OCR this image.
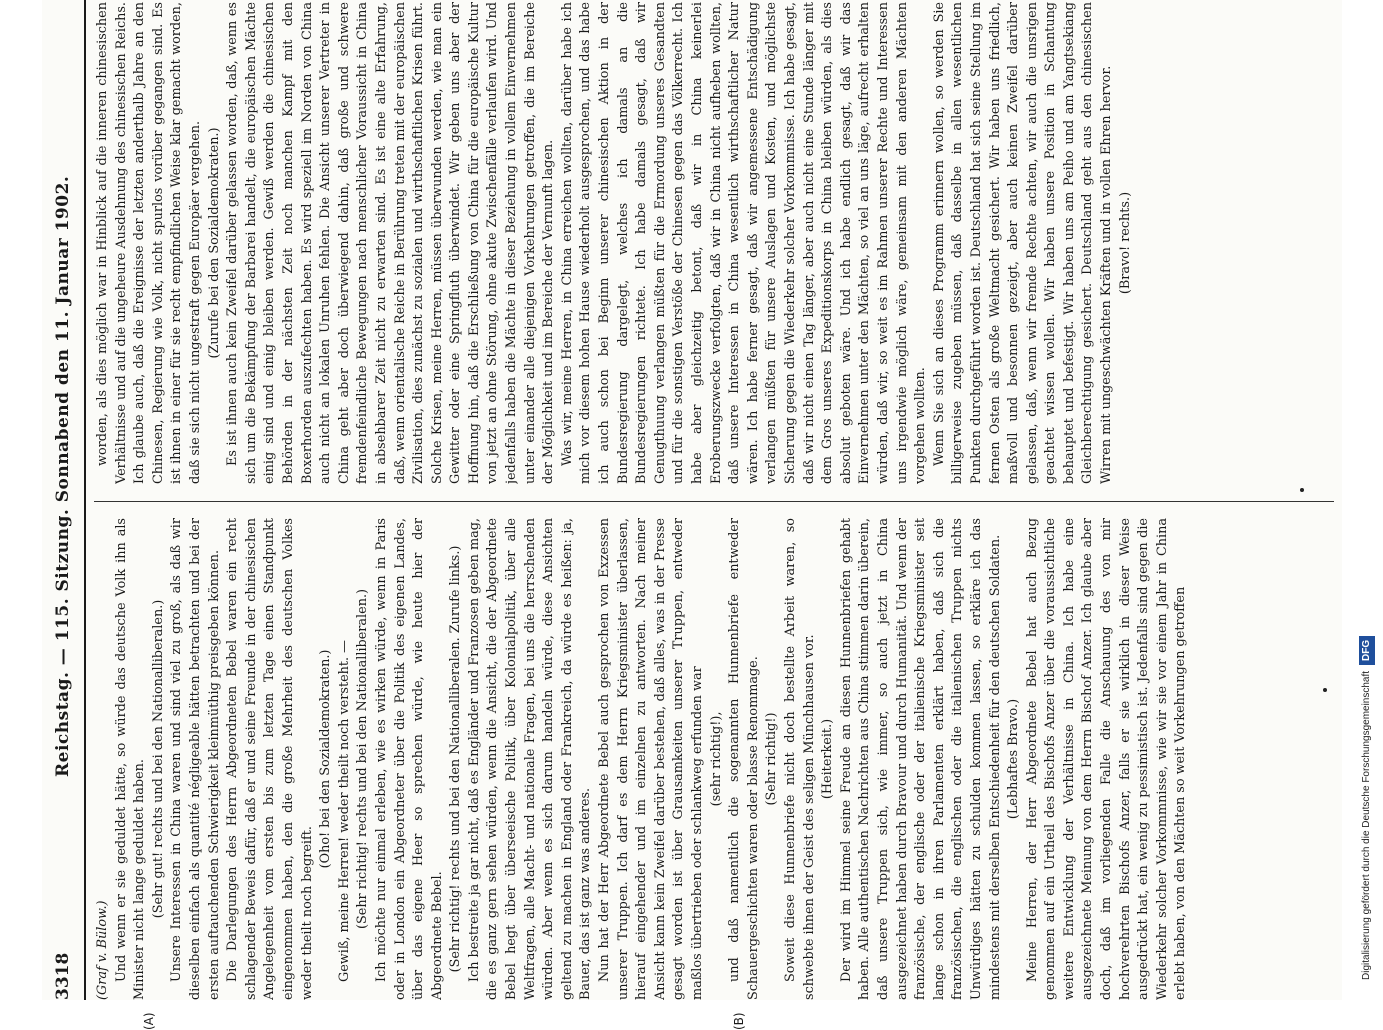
3318
Reichstag. — 115. Sitzung. Sonnabend den 11. Januar 1902.

(Graf v. Bülow.) Und wenn er sie geduldet hätte, so würde das deutsche Volk ihn als Minister nicht lange geduldet haben. (Sehr gut! rechts und bei den Nationalliberalen.) Unsere Interessen in China waren und sind viel zu groß, als daß wir dieselben einfach als quantité négligeable hätten betrachten und bei der ersten auftauchenden Schwierigkeit kleinmüthig preisgeben können. Die Darlegungen des Herrn Abgeordneten Bebel waren ein recht schlagender Beweis dafür, daß er und seine Freunde in der chinesischen Angelegenheit vom ersten bis zum letzten Tage einen Standpunkt eingenommen haben, den die große Mehrheit des deutschen Volkes weder theilt noch begreift.

(Oho! bei den Sozialdemokraten.) Gewiß, meine Herren! weder theilt noch versteht. — (Sehr richtig! rechts und bei den Nationalliberalen.) Ich möchte nur einmal erleben, wie es wirken würde, wenn in Paris oder in London ein Abgeordneter über die Politik des eigenen Landes, über das eigene Heer so sprechen würde, wie heute hier der Abgeordnete Bebel. (Sehr richtig! rechts und bei den Nationalliberalen. Zurufe links.) Ich bestreite ja gar nicht, daß es Engländer und Franzosen geben mag, die es ganz gern sehen würden, wenn die Ansicht, die der Abgeordnete Bebel hegt über überseeische Politik, über Kolonialpolitik, über alle Weltfragen, alle Macht- und nationale Fragen, bei uns die herrschenden würden. Aber wenn es sich darum handeln würde, diese Ansichten geltend zu machen in England oder Frankreich, da würde es heißen: ja, Bauer, das ist ganz was anderes. Nun hat der Herr Abgeordnete Bebel auch gesprochen von Exzessen unserer Truppen. Ich darf es dem Herrn Kriegsminister überlassen, hierauf eingehender und im einzelnen zu antworten. Nach meiner Ansicht kann kein Zweifel darüber bestehen, daß alles, was in der Presse gesagt worden ist über Grausamkeiten unserer Truppen, entweder maßlos übertrieben oder schlankweg erfunden war (sehr richtig!), und daß namentlich die sogenannten Hunnenbriefe entweder Schauergeschichten waren oder blasse Renommage. (Sehr richtig!) Soweit diese Hunnenbriefe nicht doch bestellte Arbeit waren, so schwebte ihnen der Geist des seligen Münchhausen vor. (Heiterkeit.) Der wird im Himmel seine Freude an diesen Hunnenbriefen gehabt haben. Alle authentischen Nachrichten aus China stimmen darin überein, daß unsere Truppen sich, wie immer, so auch jetzt in China ausgezeichnet haben durch Bravour und durch Humanität. Und wenn der französische, der englische oder der italienische Kriegsminister seit lange schon in ihren Parlamenten erklärt haben, daß sich die französischen, die englischen oder die italienischen Truppen nichts Unwürdiges hätten zu schulden kommen lassen, so erkläre ich das mindestens mit derselben Entschiedenheit für den deutschen Soldaten. (Lebhaftes Bravo.) Meine Herren, der Herr Abgeordnete Bebel hat auch Bezug genommen auf ein Urtheil des Bischofs Anzer über die voraussichtliche weitere Entwicklung der Verhältnisse in China. Ich habe eine ausgezeichnete Meinung von dem Herrn Bischof Anzer. Ich glaube aber doch, daß im vorliegenden Falle die Anschauung des von mir hochverehrten Bischofs Anzer, falls er sie wirklich in dieser Weise ausgedrückt hat, ein wenig zu pessimistisch ist. Jedenfalls sind gegen die Wiederkehr solcher Vorkommnisse, wie wir sie vor einem Jahr in China erlebt haben, von den Mächten so weit Vorkehrungen getroffen

worden, als dies möglich war in Hinblick auf die inneren chinesischen Verhältnisse und auf die ungeheure Ausdehnung des chinesischen Reichs. Ich glaube auch, daß die Ereignisse der letzten anderthalb Jahre an den Chinesen, Regierung wie Volk, nicht spurlos vorüber gegangen sind. Es ist ihnen in einer für sie recht empfindlichen Weise klar gemacht worden, daß sie sich nicht ungestraft gegen Europäer vergehen. (Zurufe bei den Sozialdemokraten.) Es ist ihnen auch kein Zweifel darüber gelassen worden, daß, wenn es sich um die Bekämpfung der Barbarei handelt, die europäischen Mächte einig sind und einig bleiben werden. Gewiß werden die chinesischen Behörden in der nächsten Zeit noch manchen Kampf mit den Boxerhorden auszufechten haben. Es wird speziell im Norden von China auch nicht an lokalen Unruhen fehlen. Die Ansicht unserer Vertreter in China geht aber doch überwiegend dahin, daß große und schwere fremdenfeindliche Bewegungen nach menschlicher Voraussicht in China in absehbarer Zeit nicht zu erwarten sind. Es ist eine alte Erfahrung, daß, wenn orientalische Reiche in Berührung treten mit der europäischen Zivilisation, dies zunächst zu sozialen und wirthschaftlichen Krisen führt. Solche Krisen, meine Herren, müssen überwunden werden, wie man ein Gewitter oder eine Springfluth überwindet. Wir geben uns aber der Hoffnung hin, daß die Erschließung von China für die europäische Kultur von jetzt an ohne Störung, ohne akute Zwischenfälle verlaufen wird. Und jedenfalls haben die Mächte in dieser Beziehung in vollem Einvernehmen unter einander alle diejenigen Vorkehrungen getroffen, die im Bereiche der Möglichkeit und im Bereiche der Vernunft lagen. Was wir, meine Herren, in China erreichen wollten, darüber habe ich mich vor diesem hohen Hause wiederholt ausgesprochen, und das habe ich auch schon bei Beginn unserer chinesischen Aktion in der Bundesregierung dargelegt, welches ich damals an die Bundesregierungen richtete. Ich habe damals gesagt, daß wir Genugthuung verlangen müßten für die Ermordung unseres Gesandten und für die sonstigen Verstöße der Chinesen gegen das Völkerrecht. Ich habe aber gleichzeitig betont, daß wir in China keinerlei Eroberungszwecke verfolgten, daß wir in China nicht aufheben wollten, daß unsere Interessen in China wesentlich wirthschaftlicher Natur wären. Ich habe ferner gesagt, daß wir angemessene Entschädigung verlangen müßten für unsere Auslagen und Kosten, und möglichste Sicherung gegen die Wiederkehr solcher Vorkommnisse. Ich habe gesagt, daß wir nicht einen Tag länger, aber auch nicht eine Stunde länger mit dem Gros unseres Expeditionskorps in China bleiben würden, als dies absolut geboten wäre. Und ich habe endlich gesagt, daß wir das Einvernehmen unter den Mächten, so viel an uns läge, aufrecht erhalten würden, daß wir, so weit es im Rahmen unserer Rechte und Interessen uns irgendwie möglich wäre, gemeinsam mit den anderen Mächten vorgehen wollten. Wenn Sie sich an dieses Programm erinnern wollen, so werden Sie billigerweise zugeben müssen, daß dasselbe in allen wesentlichen Punkten durchgeführt worden ist. Deutschland hat sich seine Stellung im fernen Osten als große Weltmacht gesichert. Wir haben uns friedlich, maßvoll und besonnen gezeigt, aber auch keinen Zweifel darüber gelassen, daß, wenn wir fremde Rechte achten, wir auch die unsrigen geachtet wissen wollen. Wir haben unsere Position in Schantung behauptet und befestigt. Wir haben uns am Peiho und am Yangtsekiang Gleichberechtigung gesichert. Deutschland geht aus den chinesischen Wirren mit ungeschwächten Kräften und in vollen Ehren hervor. (Bravo! rechts.)

(A)	(B)
Digitalisierung gefördert durch die Deutsche ForschungsgemeinschaftDFG
